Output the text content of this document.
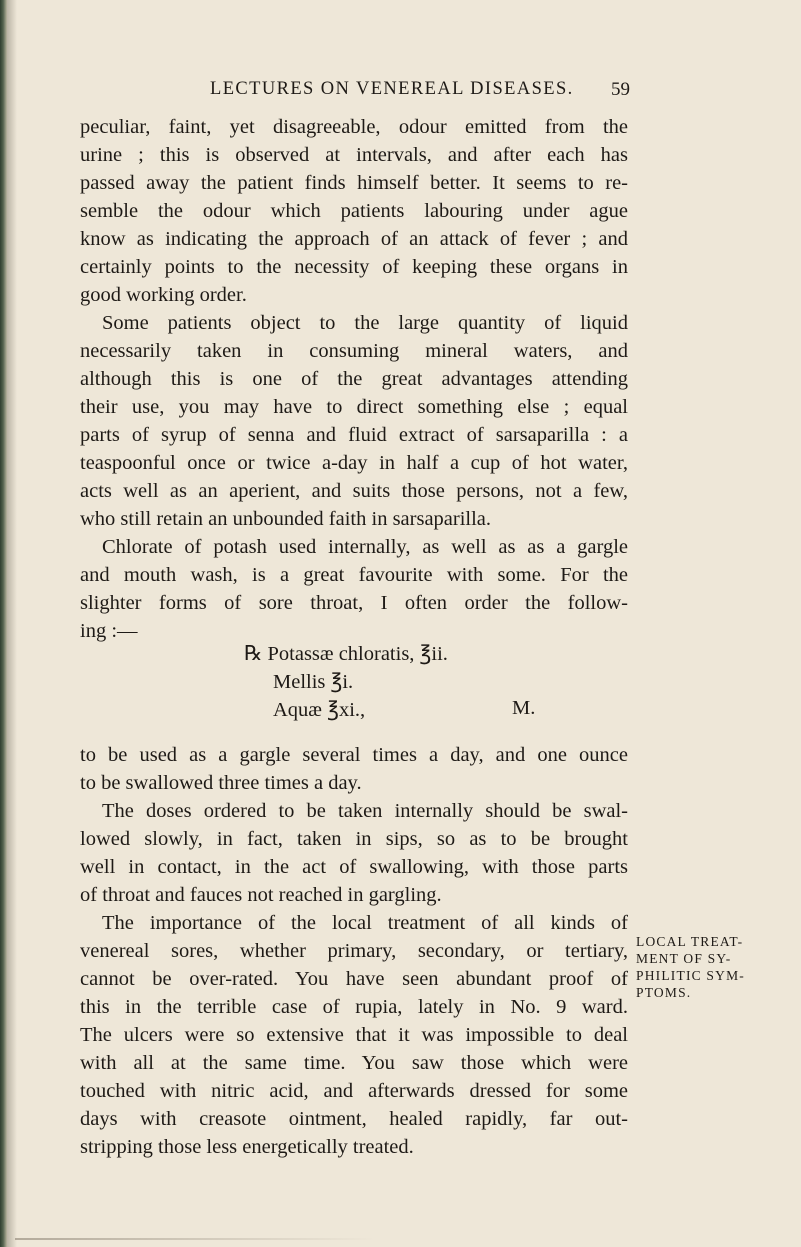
LECTURES ON VENEREAL DISEASES. 59
peculiar, faint, yet disagreeable, odour emitted from the
urine ; this is observed at intervals, and after each has
passed away the patient finds himself better. It seems to re-
semble the odour which patients labouring under ague
know as indicating the approach of an attack of fever ; and
certainly points to the necessity of keeping these organs in
good working order.
Some patients object to the large quantity of liquid
necessarily taken in consuming mineral waters, and
although this is one of the great advantages attending
their use, you may have to direct something else ; equal
parts of syrup of senna and fluid extract of sarsaparilla : a
teaspoonful once or twice a-day in half a cup of hot water,
acts well as an aperient, and suits those persons, not a few,
who still retain an unbounded faith in sarsaparilla.
Chlorate of potash used internally, as well as as a gargle
and mouth wash, is a great favourite with some. For the
slighter forms of sore throat, I often order the follow-
ing :—
℞ Potassæ chloratis, ℥ii.
Mellis ℥i.
Aquæ ℥xi.,	M.
to be used as a gargle several times a day, and one ounce
to be swallowed three times a day.
The doses ordered to be taken internally should be swal-
lowed slowly, in fact, taken in sips, so as to be brought
well in contact, in the act of swallowing, with those parts
of throat and fauces not reached in gargling.
The importance of the local treatment of all kinds of
venereal sores, whether primary, secondary, or tertiary,
cannot be over-rated. You have seen abundant proof of
this in the terrible case of rupia, lately in No. 9 ward.
The ulcers were so extensive that it was impossible to deal
with all at the same time. You saw those which were
touched with nitric acid, and afterwards dressed for some
days with creasote ointment, healed rapidly, far out-
stripping those less energetically treated.
LOCAL TREAT-
MENT OF SY-
PHILITIC SYM-
PTOMS.
